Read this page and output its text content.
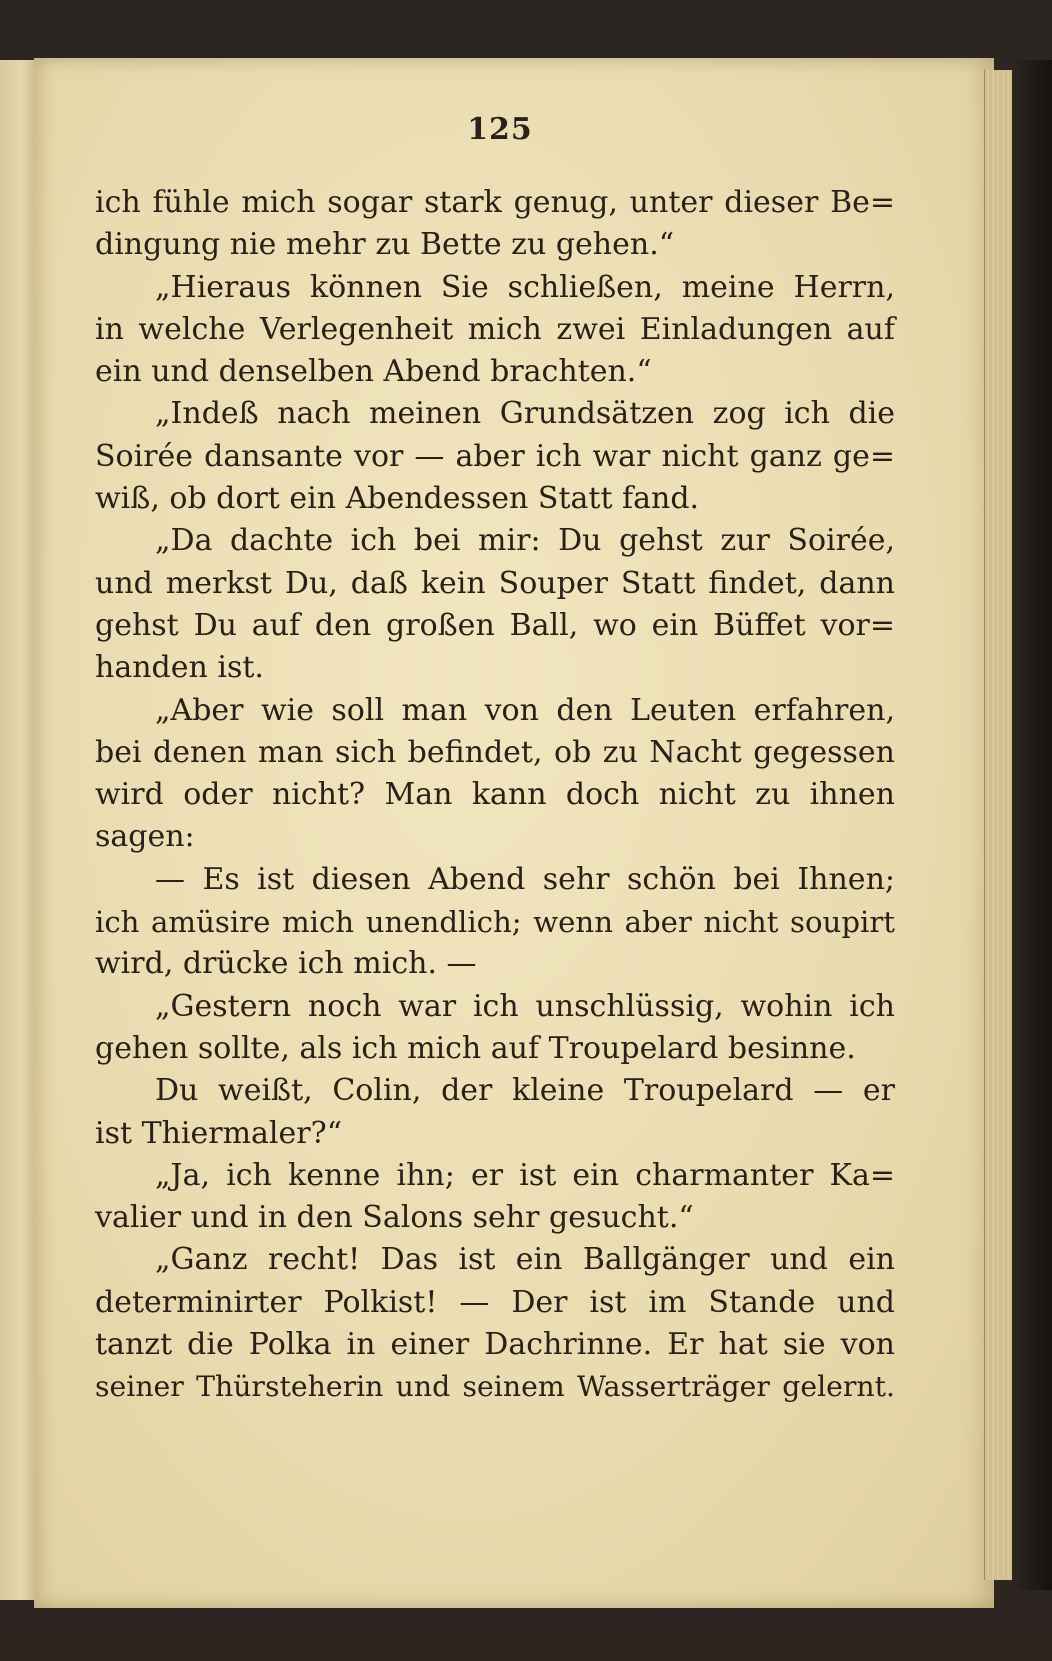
125
ich fühle mich sogar stark genug, unter dieser Be=
dingung nie mehr zu Bette zu gehen.“
„Hieraus können Sie schließen, meine Herrn,
in welche Verlegenheit mich zwei Einladungen auf
ein und denselben Abend brachten.“
„Indeß nach meinen Grundsätzen zog ich die
Soirée dansante vor — aber ich war nicht ganz ge=
wiß, ob dort ein Abendessen Statt fand.
„Da dachte ich bei mir: Du gehst zur Soirée,
und merkst Du, daß kein Souper Statt findet, dann
gehst Du auf den großen Ball, wo ein Büffet vor=
handen ist.
„Aber wie soll man von den Leuten erfahren,
bei denen man sich befindet, ob zu Nacht gegessen
wird oder nicht? Man kann doch nicht zu ihnen
sagen:
— Es ist diesen Abend sehr schön bei Ihnen;
ich amüsire mich unendlich; wenn aber nicht soupirt
wird, drücke ich mich. —
„Gestern noch war ich unschlüssig, wohin ich
gehen sollte, als ich mich auf Troupelard besinne.
Du weißt, Colin, der kleine Troupelard — er
ist Thiermaler?“
„Ja, ich kenne ihn; er ist ein charmanter Ka=
valier und in den Salons sehr gesucht.“
„Ganz recht! Das ist ein Ballgänger und ein
determinirter Polkist! — Der ist im Stande und
tanzt die Polka in einer Dachrinne. Er hat sie von
seiner Thürsteherin und seinem Wasserträger gelernt.
